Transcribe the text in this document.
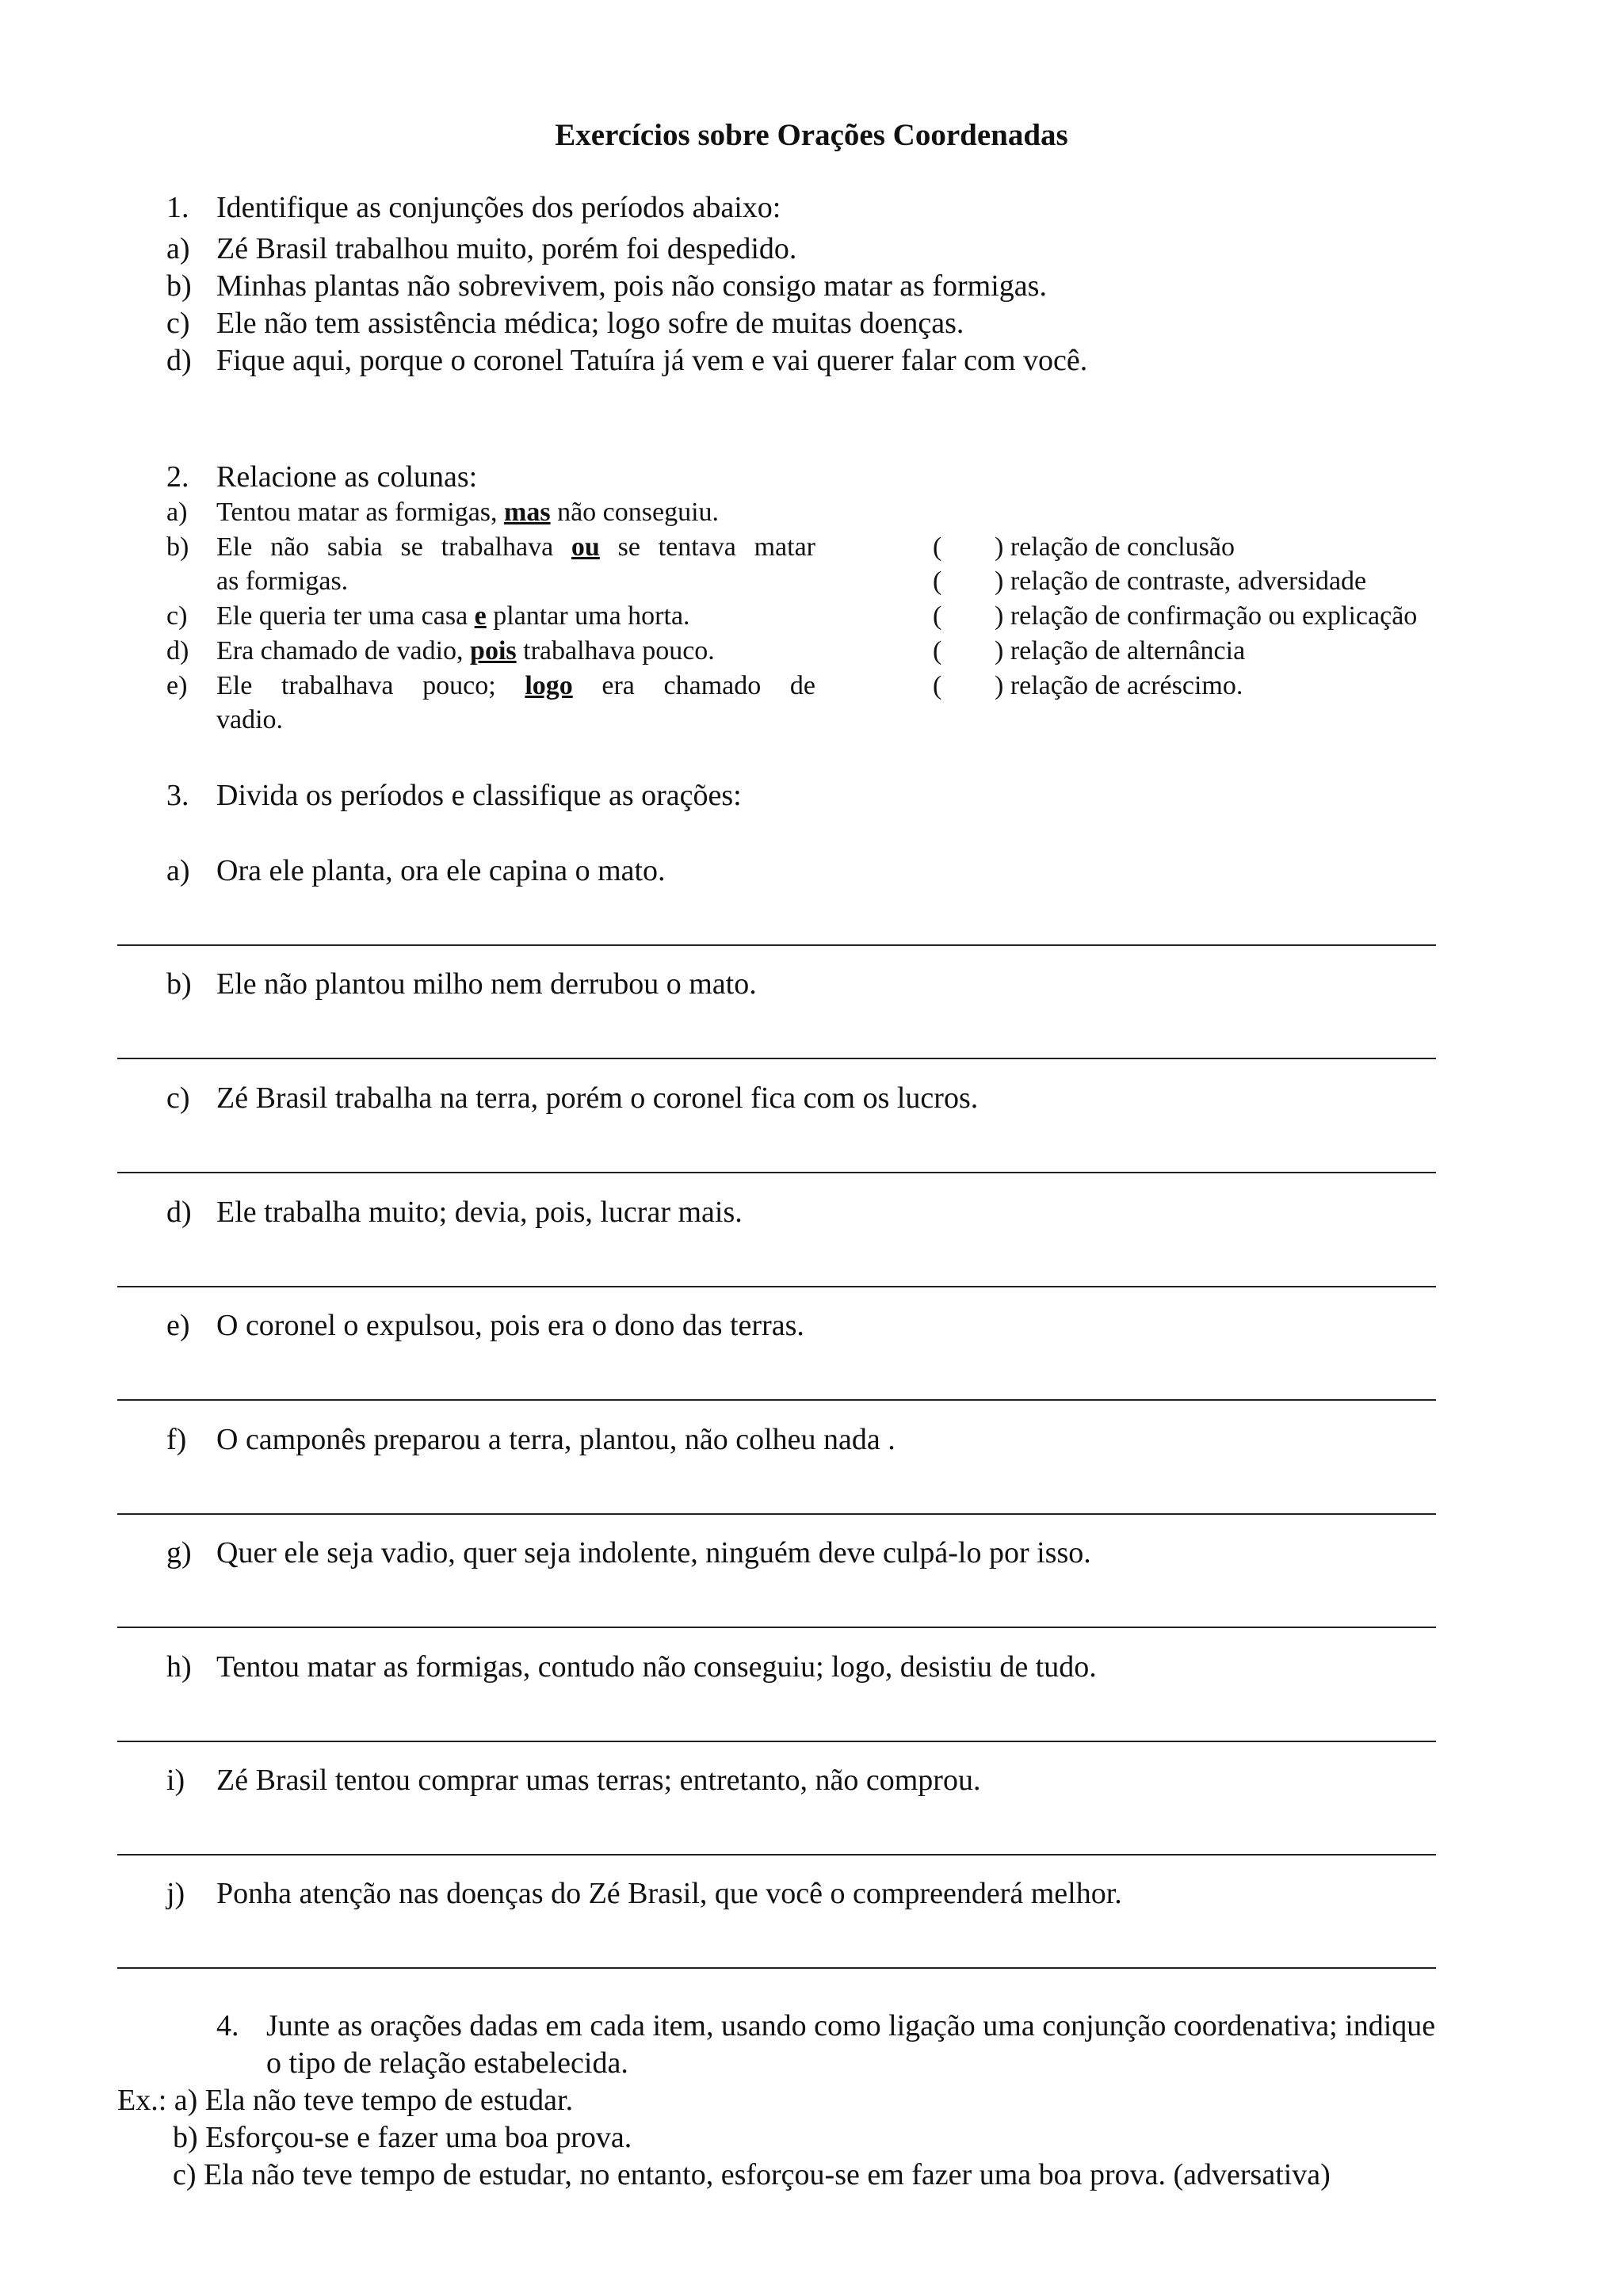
Exercícios sobre Orações Coordenadas
1. Identifique as conjunções dos períodos abaixo:
a) Zé Brasil trabalhou muito, porém foi despedido.
b) Minhas plantas não sobrevivem, pois não consigo matar as formigas.
c) Ele não tem assistência médica; logo sofre de muitas doenças.
d) Fique aqui, porque o coronel Tatuíra já vem e vai querer falar com você.
2. Relacione as colunas:
a) Tentou matar as formigas, mas não conseguiu.
b) Ele não sabia se trabalhava ou se tentava matar
as formigas.
c) Ele queria ter uma casa e plantar uma horta.
d) Era chamado de vadio, pois trabalhava pouco.
e) Ele trabalhava pouco; logo era chamado de
vadio.
( ) relação de conclusão
( ) relação de contraste, adversidade
( ) relação de confirmação ou explicação
( ) relação de alternância
( ) relação de acréscimo.
3. Divida os períodos e classifique as orações:
a) Ora ele planta, ora ele capina o mato.
b) Ele não plantou milho nem derrubou o mato.
c) Zé Brasil trabalha na terra, porém o coronel fica com os lucros.
d) Ele trabalha muito; devia, pois, lucrar mais.
e) O coronel o expulsou, pois era o dono das terras.
f) O camponês preparou a terra, plantou, não colheu nada .
g) Quer ele seja vadio, quer seja indolente, ninguém deve culpá-lo por isso.
h) Tentou matar as formigas, contudo não conseguiu; logo, desistiu de tudo.
i) Zé Brasil tentou comprar umas terras; entretanto, não comprou.
j) Ponha atenção nas doenças do Zé Brasil, que você o compreenderá melhor.
4. Junte as orações dadas em cada item, usando como ligação uma conjunção coordenativa; indique
o tipo de relação estabelecida.
Ex.: a) Ela não teve tempo de estudar.
b) Esforçou-se e fazer uma boa prova.
c) Ela não teve tempo de estudar, no entanto, esforçou-se em fazer uma boa prova. (adversativa)
